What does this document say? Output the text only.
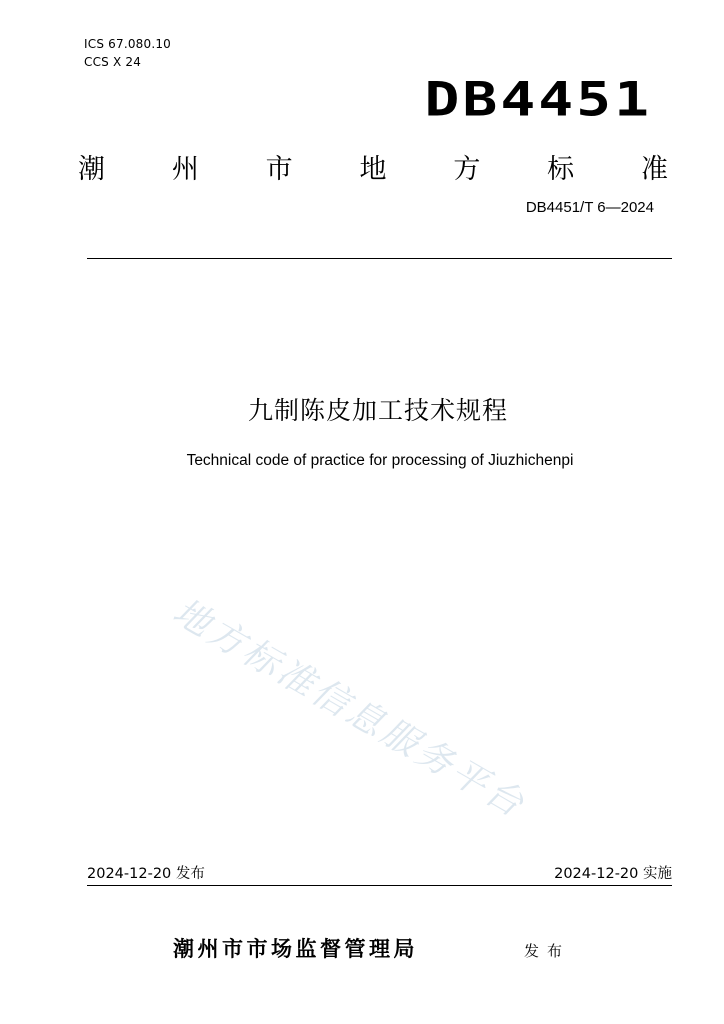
ICS 67.080.10
CCS X 24
DB4451
潮 州 市 地 方 标 准
DB4451/T 6—2024
九制陈皮加工技术规程
Technical code of practice for processing of Jiuzhichenpi
地方标准信息服务平台
2024-12-20 发布	2024-12-20 实施
潮州市市场监督管理局	发布
